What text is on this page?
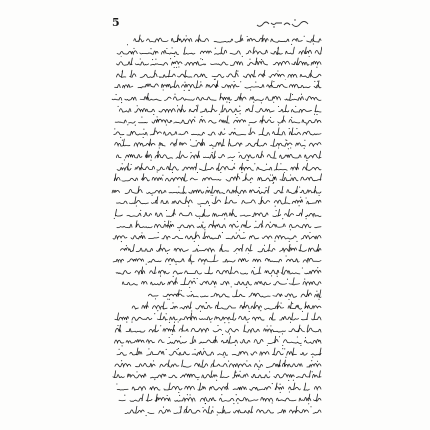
5
